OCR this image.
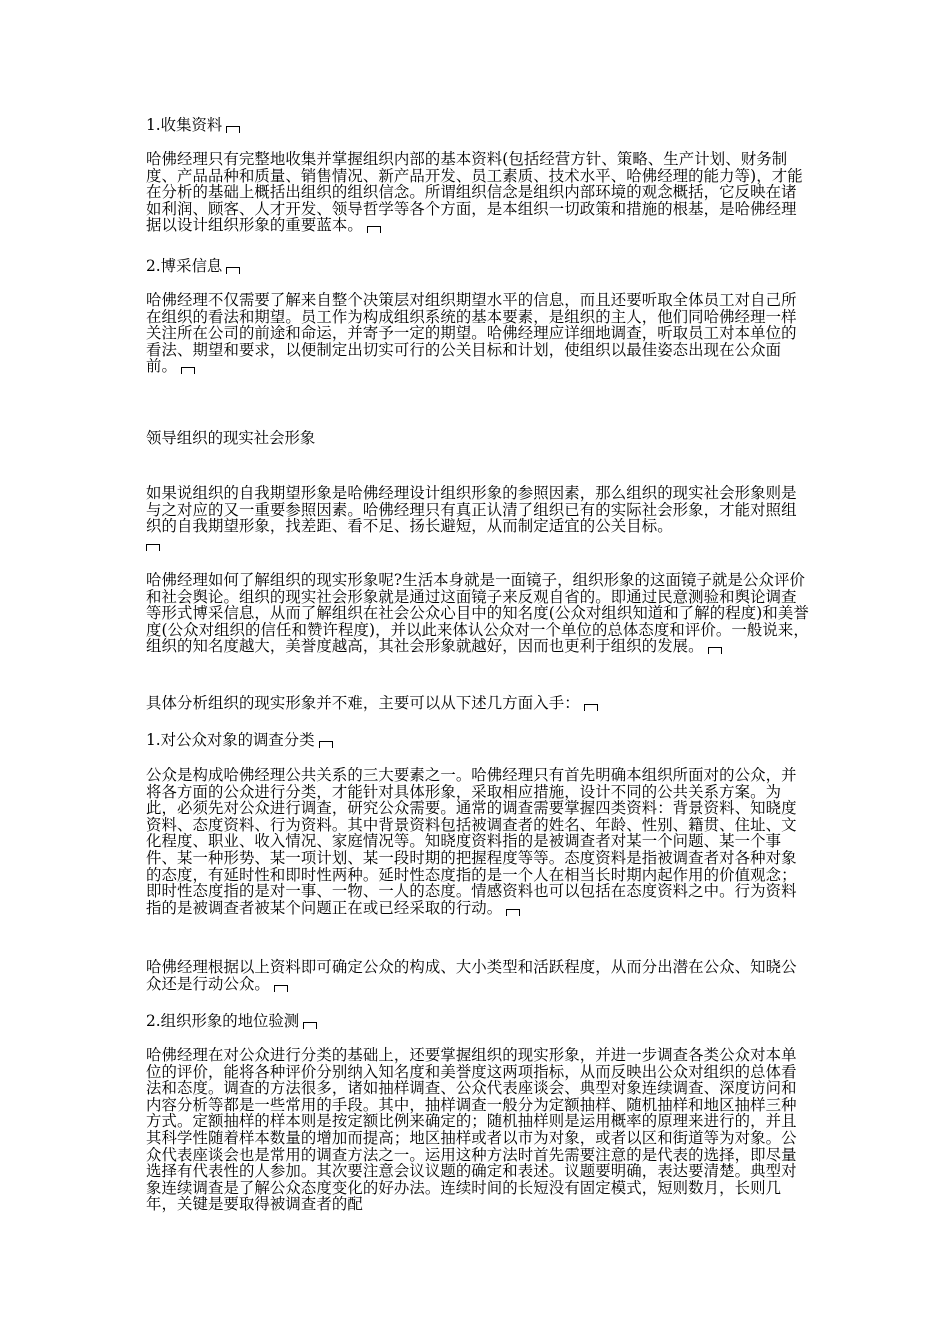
1.收集资料
哈佛经理只有完整地收集并掌握组织内部的基本资料(包括经营方针、策略、生产计划、财务制度、产品品种和质量、销售情况、新产品开发、员工素质、技术水平、哈佛经理的能力等)，才能在分析的基础上概括出组织的组织信念。所谓组织信念是组织内部环境的观念概括，它反映在诸如利润、顾客、人才开发、领导哲学等各个方面，是本组织一切政策和措施的根基，是哈佛经理据以设计组织形象的重要蓝本。
2.博采信息
哈佛经理不仅需要了解来自整个决策层对组织期望水平的信息，而且还要听取全体员工对自己所在组织的看法和期望。员工作为构成组织系统的基本要素，是组织的主人，他们同哈佛经理一样关注所在公司的前途和命运，并寄予一定的期望。哈佛经理应详细地调查，听取员工对本单位的看法、期望和要求，以便制定出切实可行的公关目标和计划，使组织以最佳姿态出现在公众面前。
领导组织的现实社会形象
如果说组织的自我期望形象是哈佛经理设计组织形象的参照因素，那么组织的现实社会形象则是与之对应的又一重要参照因素。哈佛经理只有真正认清了组织已有的实际社会形象，才能对照组织的自我期望形象，找差距、看不足、扬长避短，从而制定适宜的公关目标。

哈佛经理如何了解组织的现实形象呢?生活本身就是一面镜子，组织形象的这面镜子就是公众评价和社会舆论。组织的现实社会形象就是通过这面镜子来反观自省的。即通过民意测验和舆论调查等形式博采信息，从而了解组织在社会公众心目中的知名度(公众对组织知道和了解的程度)和美誉度(公众对组织的信任和赞许程度)，并以此来体认公众对一个单位的总体态度和评价。一般说来，组织的知名度越大，美誉度越高，其社会形象就越好，因而也更利于组织的发展。
具体分析组织的现实形象并不难，主要可以从下述几方面入手：
1.对公众对象的调查分类
公众是构成哈佛经理公共关系的三大要素之一。哈佛经理只有首先明确本组织所面对的公众，并将各方面的公众进行分类，才能针对具体形象，采取相应措施，设计不同的公共关系方案。为此，必须先对公众进行调查，研究公众需要。通常的调查需要掌握四类资料：背景资料、知晓度资料、态度资料、行为资料。其中背景资料包括被调查者的姓名、年龄、性别、籍贯、住址、文化程度、职业、收入情况、家庭情况等。知晓度资料指的是被调查者对某一个问题、某一个事件、某一种形势、某一项计划、某一段时期的把握程度等等。态度资料是指被调查者对各种对象的态度，有延时性和即时性两种。延时性态度指的是一个人在相当长时期内起作用的价值观念；即时性态度指的是对一事、一物、一人的态度。情感资料也可以包括在态度资料之中。行为资料指的是被调查者被某个问题正在或已经采取的行动。
哈佛经理根据以上资料即可确定公众的构成、大小类型和活跃程度，从而分出潜在公众、知晓公众还是行动公众。
2.组织形象的地位验测
哈佛经理在对公众进行分类的基础上，还要掌握组织的现实形象，并进一步调查各类公众对本单位的评价，能将各种评价分别纳入知名度和美誉度这两项指标，从而反映出公众对组织的总体看法和态度。调查的方法很多，诸如抽样调查、公众代表座谈会、典型对象连续调查、深度访问和内容分析等都是一些常用的手段。其中，抽样调查一般分为定额抽样、随机抽样和地区抽样三种方式。定额抽样的样本则是按定额比例来确定的；随机抽样则是运用概率的原理来进行的，并且其科学性随着样本数量的增加而提高；地区抽样或者以市为对象，或者以区和街道等为对象。公众代表座谈会也是常用的调查方法之一。运用这种方法时首先需要注意的是代表的选择，即尽量选择有代表性的人参加。其次要注意会议议题的确定和表述。议题要明确，表达要清楚。典型对象连续调查是了解公众态度变化的好办法。连续时间的长短没有固定模式，短则数月，长则几年，关键是要取得被调查者的配
